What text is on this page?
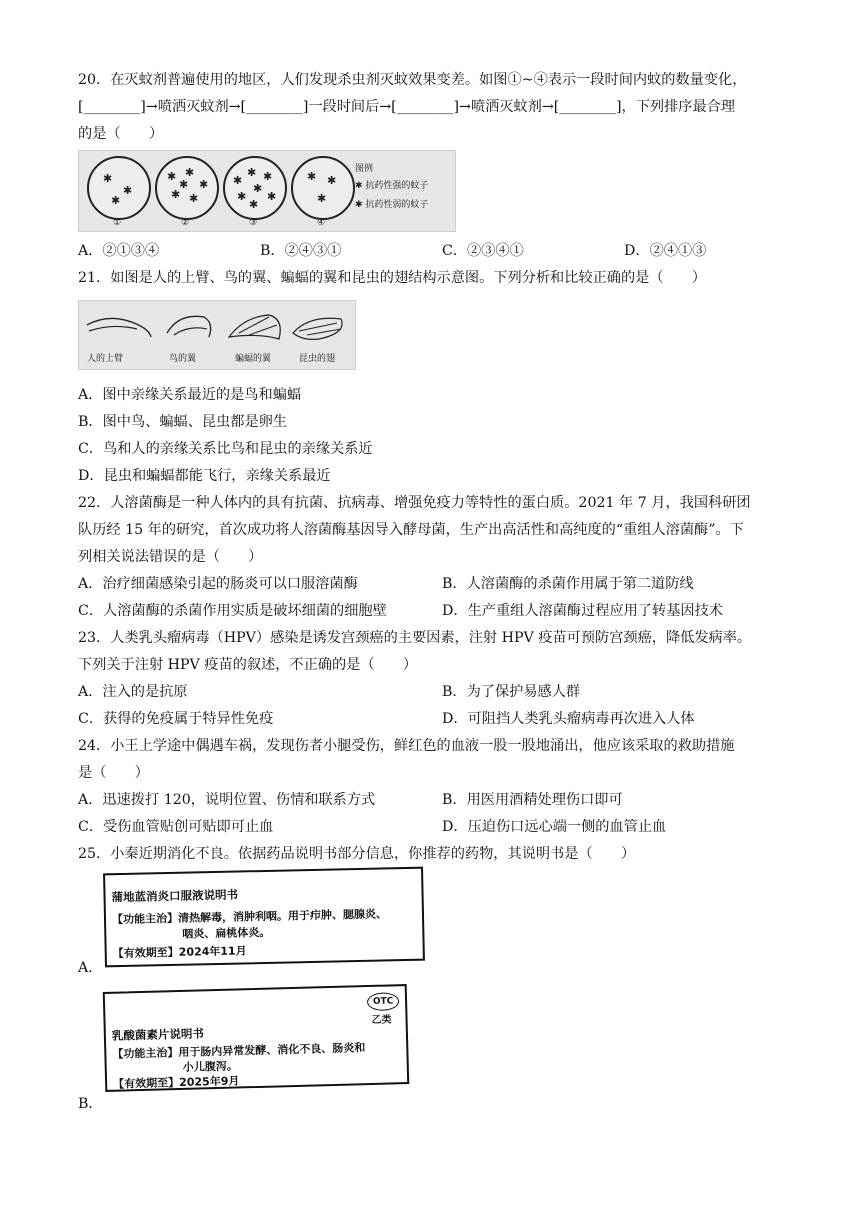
20．在灭蚊剂普遍使用的地区，人们发现杀虫剂灭蚊效果变差。如图①~④表示一段时间内蚊的数量变化，
[________]→喷洒灭蚊剂→[________]一段时间后→[________]→喷洒灭蚊剂→[________]，下列排序最合理
的是（　　）
✱
✱
✱
✱ ✱
✱
✱ ✱
✱	✱
✱ ✱
✱
✱
✱
✱
✱ ✱
✱
①	②	③	④
图例
✱ 抗药性强的蚊子
✱ 抗药性弱的蚊子
A．②①③④	B．②④③①	C．②③④①	D．②④①③
21．如图是人的上臂、鸟的翼、蝙蝠的翼和昆虫的翅结构示意图。下列分析和比较正确的是（　　）
人的上臂	鸟的翼	蝙蝠的翼	昆虫的翅
A．图中亲缘关系最近的是鸟和蝙蝠
B．图中鸟、蝙蝠、昆虫都是卵生
C．鸟和人的亲缘关系比鸟和昆虫的亲缘关系近
D．昆虫和蝙蝠都能飞行，亲缘关系最近
22．人溶菌酶是一种人体内的具有抗菌、抗病毒、增强免疫力等特性的蛋白质。2021 年 7 月，我国科研团
队历经 15 年的研究，首次成功将人溶菌酶基因导入酵母菌，生产出高活性和高纯度的“重组人溶菌酶”。下
列相关说法错误的是（　　）
A．治疗细菌感染引起的肠炎可以口服溶菌酶	B．人溶菌酶的杀菌作用属于第二道防线
C．人溶菌酶的杀菌作用实质是破坏细菌的细胞壁	D．生产重组人溶菌酶过程应用了转基因技术
23．人类乳头瘤病毒（HPV）感染是诱发宫颈癌的主要因素，注射 HPV 疫苗可预防宫颈癌，降低发病率。
下列关于注射 HPV 疫苗的叙述，不正确的是（　　）
A．注入的是抗原	B．为了保护易感人群
C．获得的免疫属于特异性免疫	D．可阻挡人类乳头瘤病毒再次进入人体
24．小王上学途中偶遇车祸，发现伤者小腿受伤，鲜红色的血液一股一股地涌出，他应该采取的救助措施
是（　　）
A．迅速拨打 120，说明位置、伤情和联系方式	B．用医用酒精处理伤口即可
C．受伤血管贴创可贴即可止血	D．压迫伤口远心端一侧的血管止血
25．小秦近期消化不良。依据药品说明书部分信息，你推荐的药物，其说明书是（　　）
蒲地蓝消炎口服液说明书
【功能主治】清热解毒，消肿利咽。用于疖肿、腮腺炎、
咽炎、扁桃体炎。
【有效期至】2024年11月
A．
OTC
乙类
乳酸菌素片说明书
【功能主治】用于肠内异常发酵、消化不良、肠炎和
小儿腹泻。
【有效期至】2025年9月
B．
